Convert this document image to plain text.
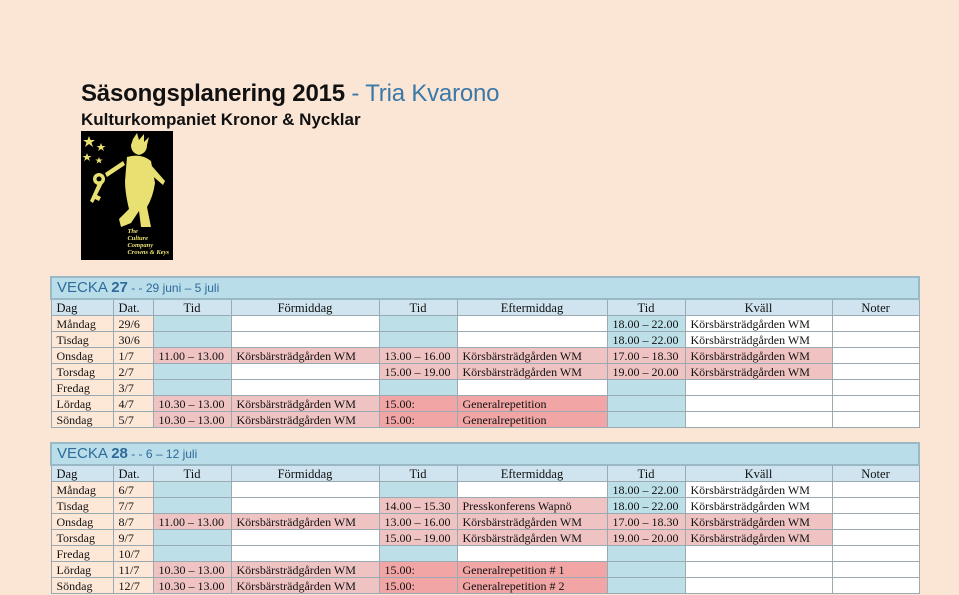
Säsongsplanering 2015 - Tria Kvarono
Kulturkompaniet Kronor & Nycklar
The
Culture
Company
Crowns & Keys
VECKA 27 - - 29 juni – 5 juli								
Dag	Dat.	Tid	Förmiddag	Tid	Eftermiddag	Tid	Kväll	Noter
Måndag	29/6					18.00 – 22.00	Körsbärsträdgården WM	
Tisdag	30/6					18.00 – 22.00	Körsbärsträdgården WM	
Onsdag	1/7	11.00 – 13.00	Körsbärsträdgården WM	13.00 – 16.00	Körsbärsträdgården WM	17.00 – 18.30	Körsbärsträdgården WM	
Torsdag	2/7			15.00 – 19.00	Körsbärsträdgården WM	19.00 – 20.00	Körsbärsträdgården WM	
Fredag	3/7							
Lördag	4/7	10.30 – 13.00	Körsbärsträdgården WM	15.00:	Generalrepetition			
Söndag	5/7	10.30 – 13.00	Körsbärsträdgården WM	15.00:	Generalrepetition			
VECKA 28 - - 6 – 12 juli								
Dag	Dat.	Tid	Förmiddag	Tid	Eftermiddag	Tid	Kväll	Noter
Måndag	6/7					18.00 – 22.00	Körsbärsträdgården WM	
Tisdag	7/7			14.00 – 15.30	Presskonferens Wapnö	18.00 – 22.00	Körsbärsträdgården WM	
Onsdag	8/7	11.00 – 13.00	Körsbärsträdgården WM	13.00 – 16.00	Körsbärsträdgården WM	17.00 – 18.30	Körsbärsträdgården WM	
Torsdag	9/7			15.00 – 19.00	Körsbärsträdgården WM	19.00 – 20.00	Körsbärsträdgården WM	
Fredag	10/7							
Lördag	11/7	10.30 – 13.00	Körsbärsträdgården WM	15.00:	Generalrepetition # 1			
Söndag	12/7	10.30 – 13.00	Körsbärsträdgården WM	15.00:	Generalrepetition # 2			
